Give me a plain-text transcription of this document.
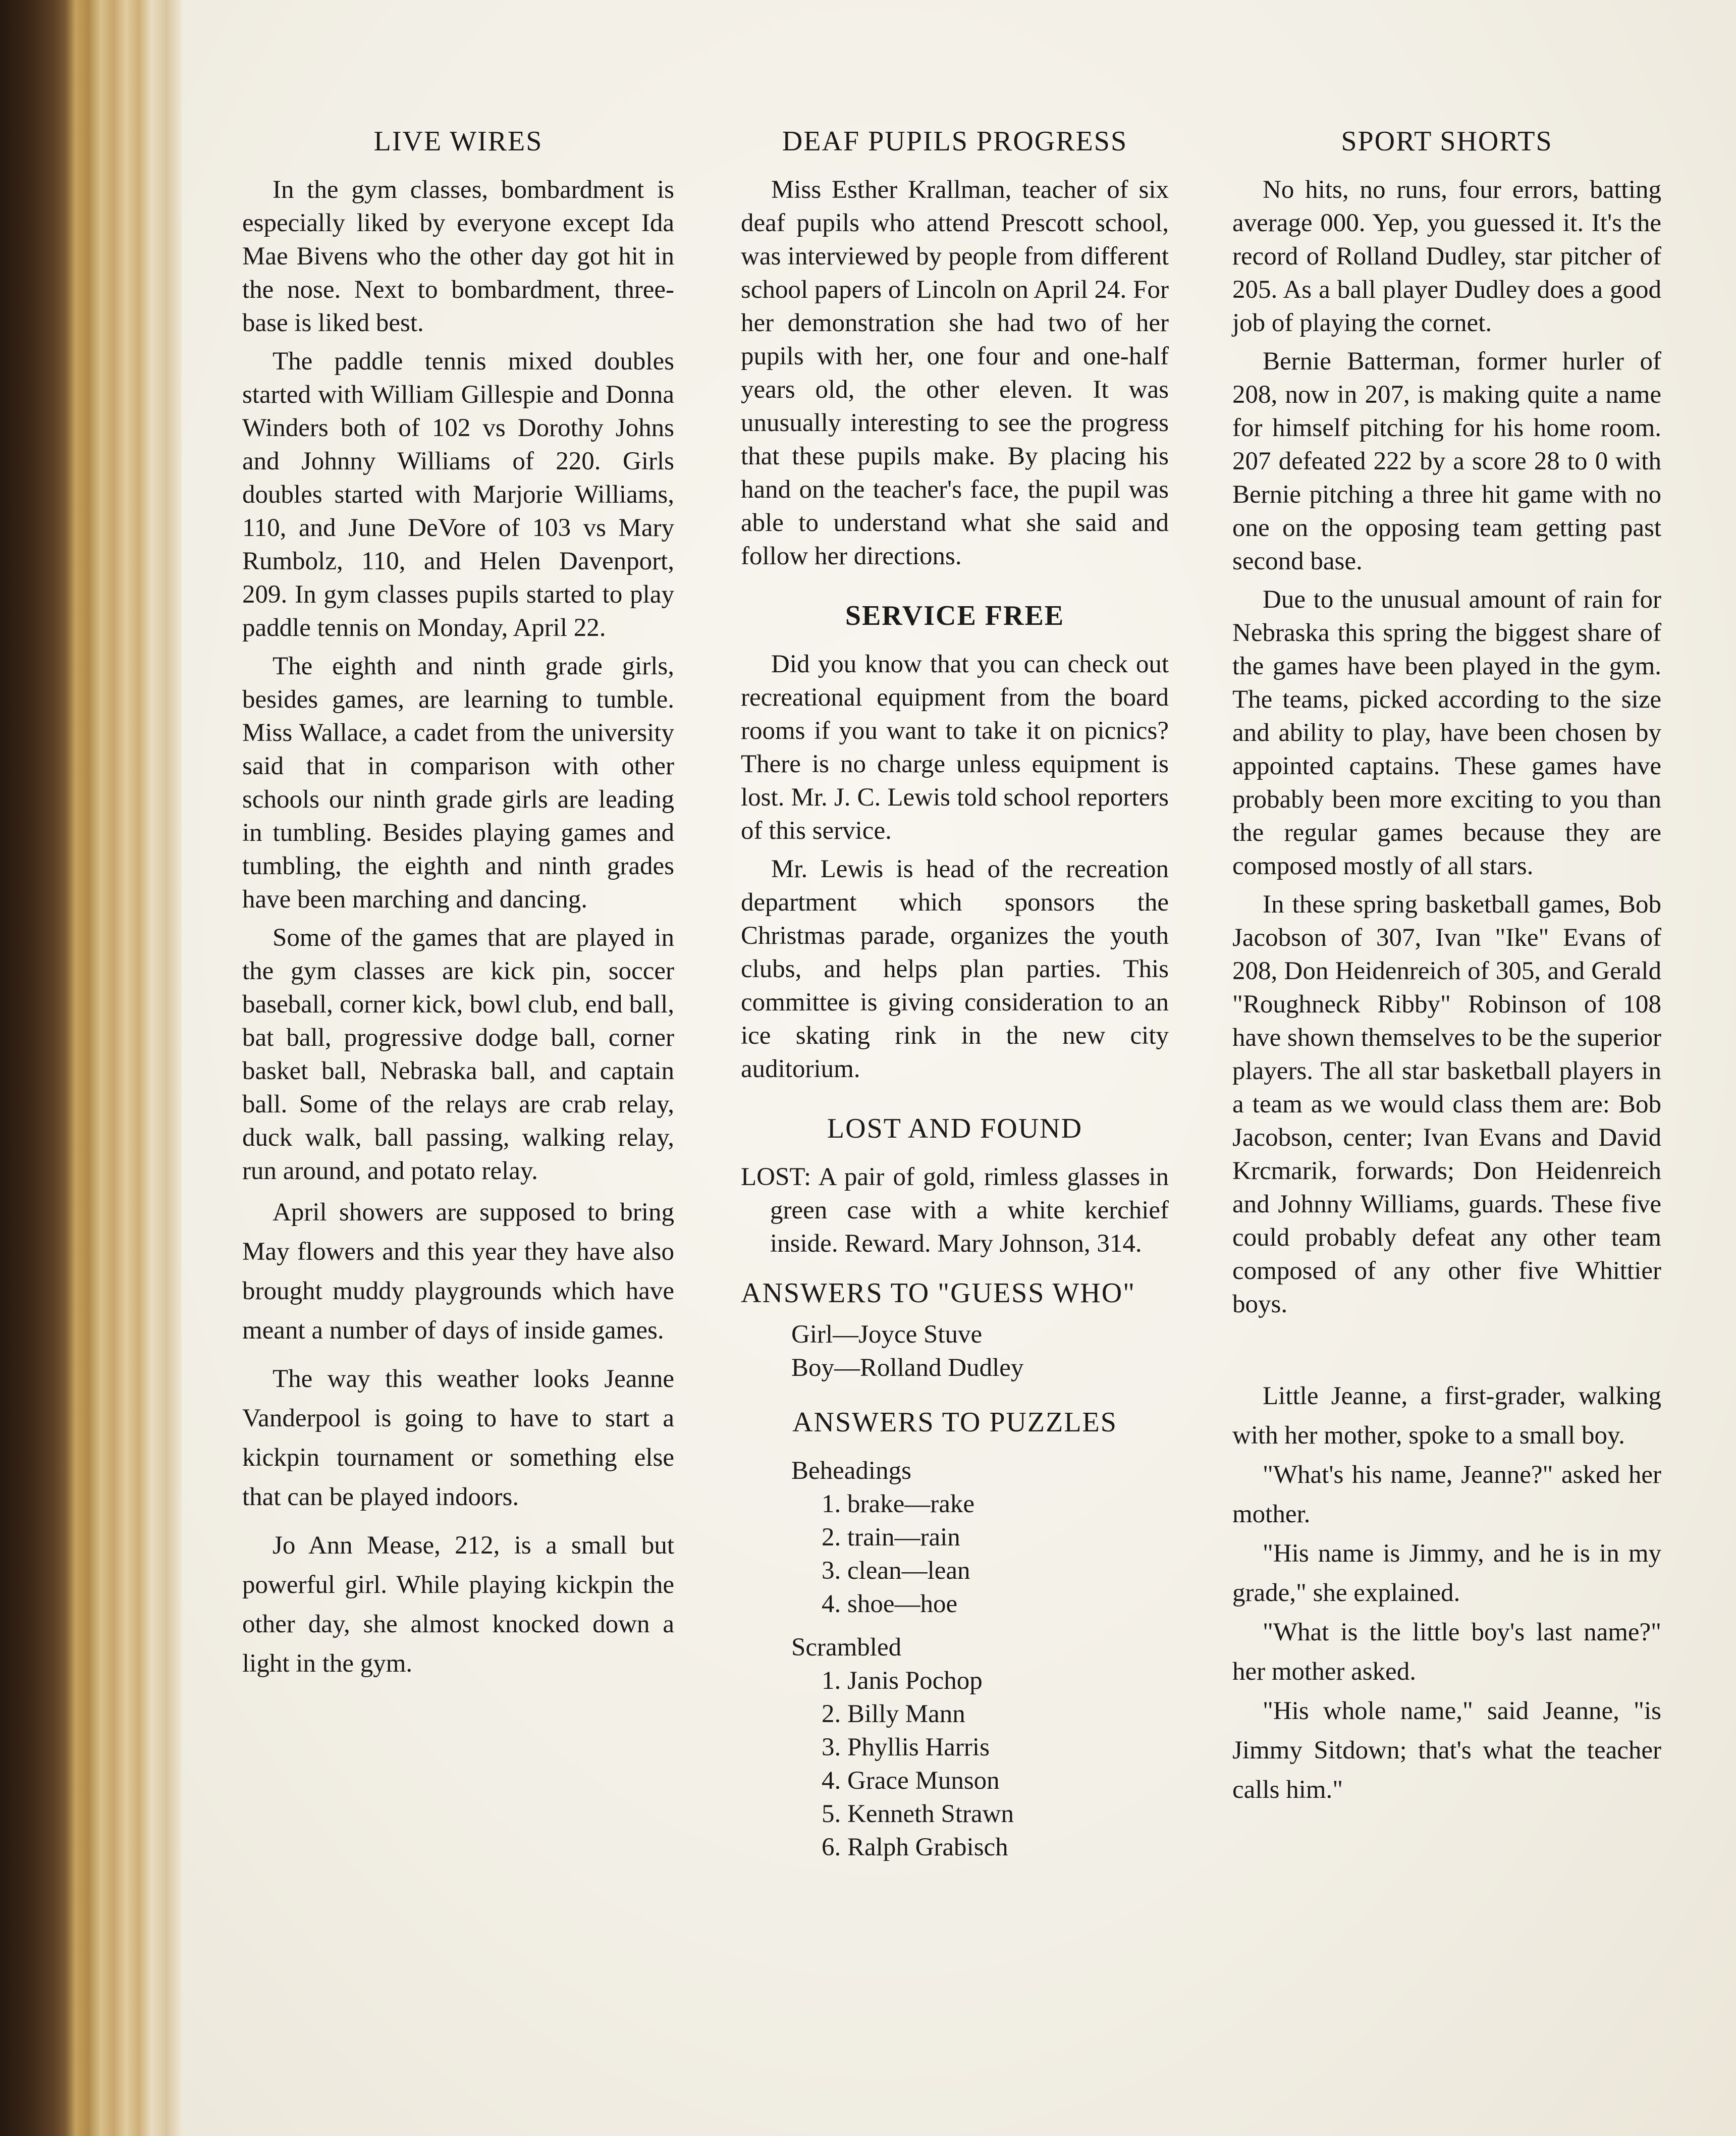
LIVE WIRES

In the gym classes, bombardment is especially liked by everyone except Ida Mae Bivens who the other day got hit in the nose. Next to bombardment, three-base is liked best.

The paddle tennis mixed doubles started with William Gillespie and Donna Winders both of 102 vs Dorothy Johns and Johnny Williams of 220. Girls doubles started with Marjorie Williams, 110, and June DeVore of 103 vs Mary Rumbolz, 110, and Helen Davenport, 209. In gym classes pupils started to play paddle tennis on Monday, April 22.

The eighth and ninth grade girls, besides games, are learning to tumble. Miss Wallace, a cadet from the university said that in comparison with other schools our ninth grade girls are leading in tumbling. Besides playing games and tumbling, the eighth and ninth grades have been marching and dancing.

Some of the games that are played in the gym classes are kick pin, soccer baseball, corner kick, bowl club, end ball, bat ball, progressive dodge ball, corner basket ball, Nebraska ball, and captain ball. Some of the relays are crab relay, duck walk, ball passing, walking relay, run around, and potato relay.

April showers are supposed to bring May flowers and this year they have also brought muddy playgrounds which have meant a number of days of inside games.

The way this weather looks Jeanne Vanderpool is going to have to start a kickpin tournament or something else that can be played indoors.

Jo Ann Mease, 212, is a small but powerful girl. While playing kickpin the other day, she almost knocked down a light in the gym.

DEAF PUPILS PROGRESS

Miss Esther Krallman, teacher of six deaf pupils who attend Prescott school, was interviewed by people from different school papers of Lincoln on April 24. For her demonstration she had two of her pupils with her, one four and one-half years old, the other eleven. It was unusually interesting to see the progress that these pupils make. By placing his hand on the teacher's face, the pupil was able to understand what she said and follow her directions.

SERVICE FREE

Did you know that you can check out recreational equipment from the board rooms if you want to take it on picnics? There is no charge unless equipment is lost. Mr. J. C. Lewis told school reporters of this service.

Mr. Lewis is head of the recreation department which sponsors the Christmas parade, organizes the youth clubs, and helps plan parties. This committee is giving consideration to an ice skating rink in the new city auditorium.

LOST AND FOUND

LOST: A pair of gold, rimless glasses in green case with a white kerchief inside. Reward. Mary Johnson, 314.

ANSWERS TO "GUESS WHO"

Girl—Joyce Stuve

Boy—Rolland Dudley

ANSWERS TO PUZZLES

Beheadings

1. brake—rake
2. train—rain
3. clean—lean
4. shoe—hoe

Scrambled

1. Janis Pochop
2. Billy Mann
3. Phyllis Harris
4. Grace Munson
5. Kenneth Strawn
6. Ralph Grabisch
SPORT SHORTS

No hits, no runs, four errors, batting average 000. Yep, you guessed it. It's the record of Rolland Dudley, star pitcher of 205. As a ball player Dudley does a good job of playing the cornet.

Bernie Batterman, former hurler of 208, now in 207, is making quite a name for himself pitching for his home room. 207 defeated 222 by a score 28 to 0 with Bernie pitching a three hit game with no one on the opposing team getting past second base.

Due to the unusual amount of rain for Nebraska this spring the biggest share of the games have been played in the gym. The teams, picked according to the size and ability to play, have been chosen by appointed captains. These games have probably been more exciting to you than the regular games because they are composed mostly of all stars.

In these spring basketball games, Bob Jacobson of 307, Ivan "Ike" Evans of 208, Don Heidenreich of 305, and Gerald "Roughneck Ribby" Robinson of 108 have shown themselves to be the superior players. The all star basketball players in a team as we would class them are: Bob Jacobson, center; Ivan Evans and David Krcmarik, forwards; Don Heidenreich and Johnny Williams, guards. These five could probably defeat any other team composed of any other five Whittier boys.

Little Jeanne, a first-grader, walking with her mother, spoke to a small boy.

"What's his name, Jeanne?" asked her mother.

"His name is Jimmy, and he is in my grade," she explained.

"What is the little boy's last name?" her mother asked.

"His whole name," said Jeanne, "is Jimmy Sitdown; that's what the teacher calls him."
